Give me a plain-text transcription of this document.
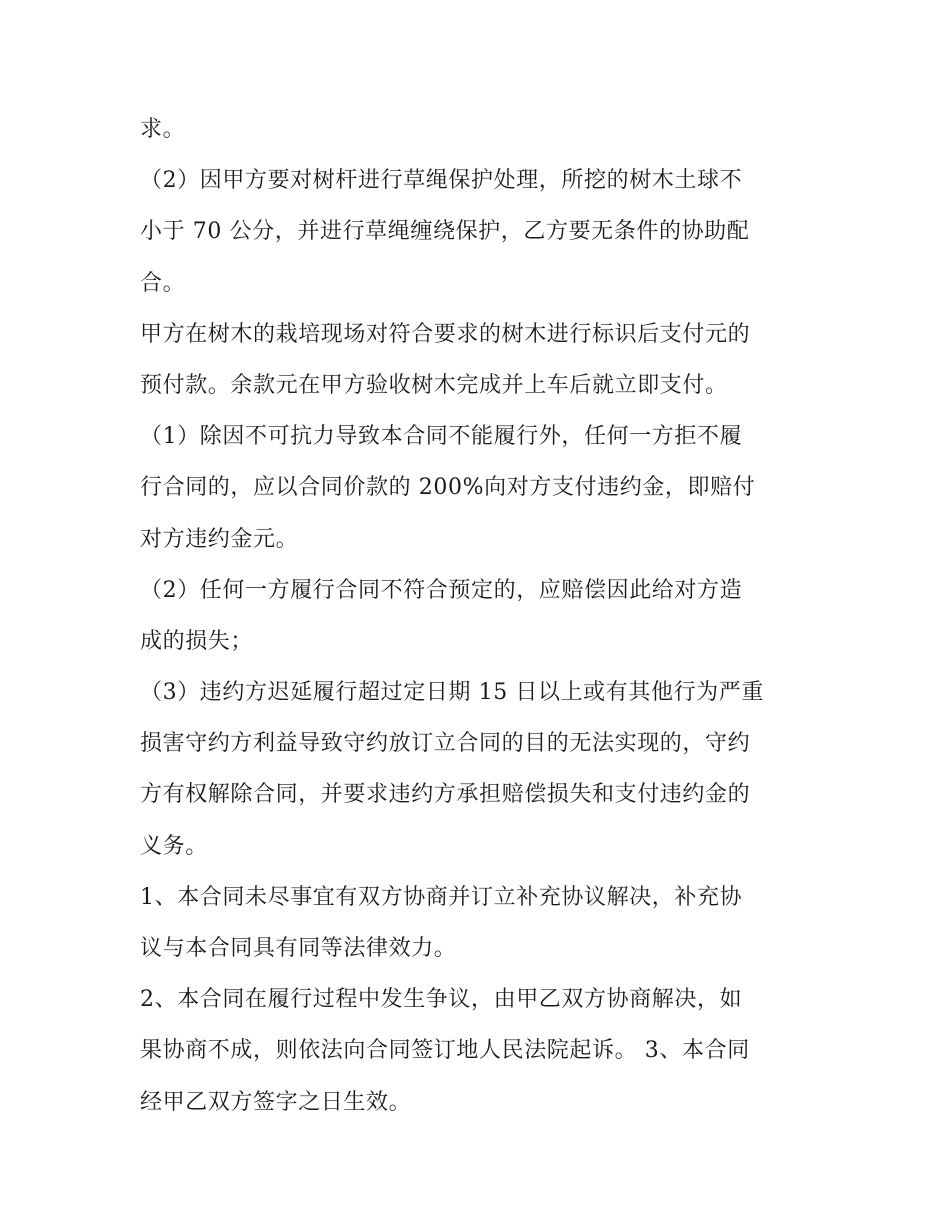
求。
（2）因甲方要对树杆进行草绳保护处理，所挖的树木土球不
小于 70 公分，并进行草绳缠绕保护，乙方要无条件的协助配
合。
甲方在树木的栽培现场对符合要求的树木进行标识后支付元的
预付款。余款元在甲方验收树木完成并上车后就立即支付。
（1）除因不可抗力导致本合同不能履行外，任何一方拒不履
行合同的，应以合同价款的 200%向对方支付违约金，即赔付
对方违约金元。
（2）任何一方履行合同不符合预定的，应赔偿因此给对方造
成的损失；
（3）违约方迟延履行超过定日期 15 日以上或有其他行为严重
损害守约方利益导致守约放订立合同的目的无法实现的，守约
方有权解除合同，并要求违约方承担赔偿损失和支付违约金的
义务。
1、本合同未尽事宜有双方协商并订立补充协议解决，补充协
议与本合同具有同等法律效力。
2、本合同在履行过程中发生争议，由甲乙双方协商解决，如
果协商不成，则依法向合同签订地人民法院起诉。 3、本合同
经甲乙双方签字之日生效。
